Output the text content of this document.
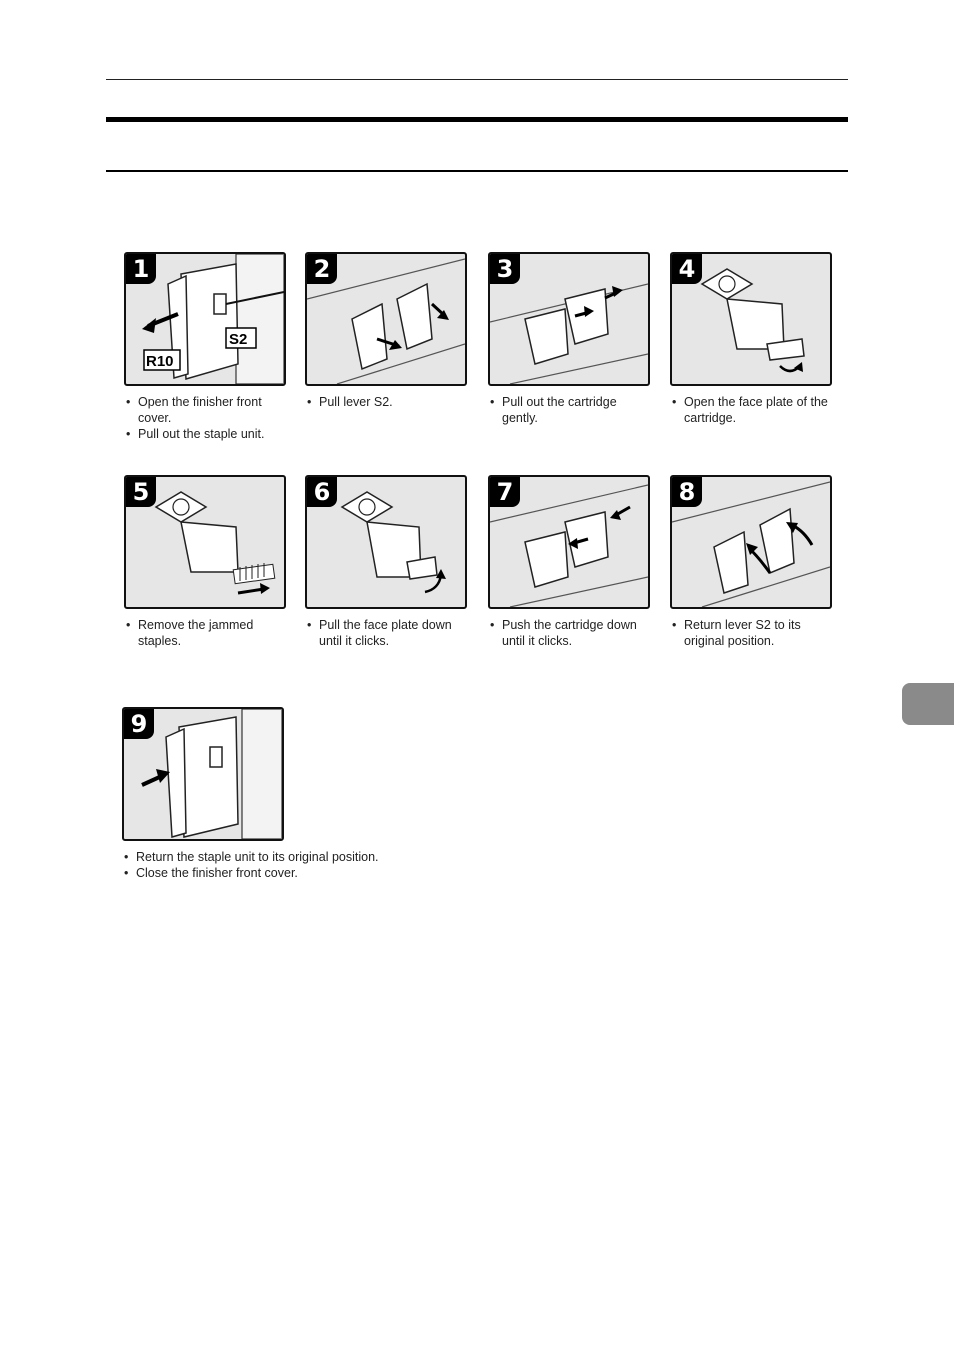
S2
R10
1
• Open the finisher front cover.
• Pull out the staple unit.
2
• Pull lever S2.
3
• Pull out the cartridge gently.
4
• Open the face plate of the cartridge.
5
• Remove the jammed staples.
6
• Pull the face plate down until it clicks.
7
• Push the cartridge down until it clicks.
8
• Return lever S2 to its original position.
9
• Return the staple unit to its original position.
• Close the finisher front cover.
